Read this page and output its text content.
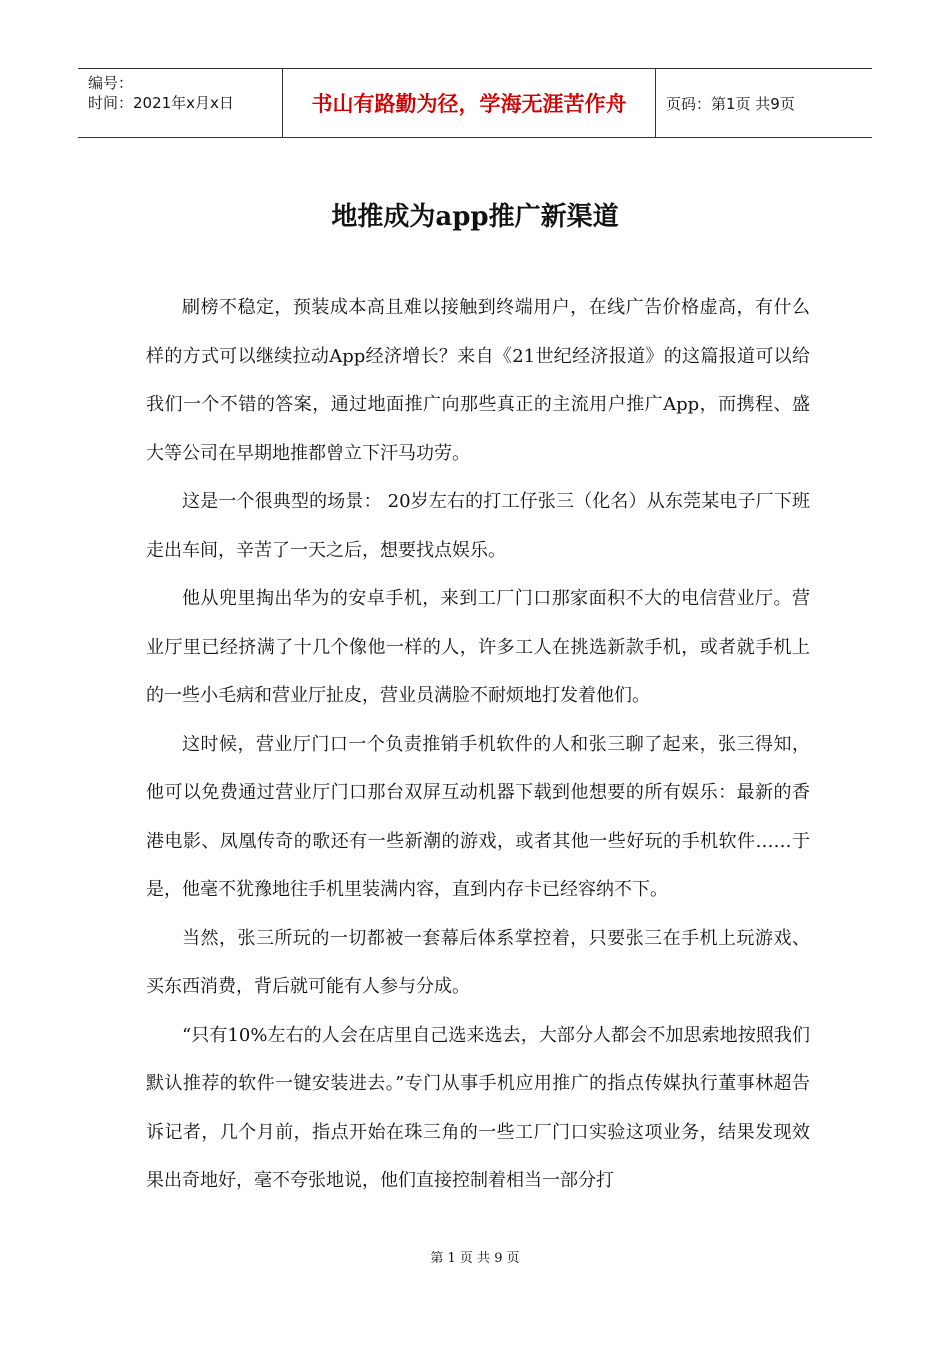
编号：
时间：2021年x月x日	书山有路勤为径，学海无涯苦作舟	页码：第1页 共9页
地推成为app推广新渠道

刷榜不稳定，预装成本高且难以接触到终端用户，在线广告价格虚高，有什么样的方式可以继续拉动App经济增长？来自《21世纪经济报道》的这篇报道可以给我们一个不错的答案，通过地面推广向那些真正的主流用户推广App，而携程、盛大等公司在早期地推都曾立下汗马功劳。

这是一个很典型的场景： 20岁左右的打工仔张三（化名）从东莞某电子厂下班走出车间，辛苦了一天之后，想要找点娱乐。

他从兜里掏出华为的安卓手机，来到工厂门口那家面积不大的电信营业厅。营业厅里已经挤满了十几个像他一样的人，许多工人在挑选新款手机，或者就手机上的一些小毛病和营业厅扯皮，营业员满脸不耐烦地打发着他们。

这时候，营业厅门口一个负责推销手机软件的人和张三聊了起来，张三得知，他可以免费通过营业厅门口那台双屏互动机器下载到他想要的所有娱乐：最新的香港电影、凤凰传奇的歌还有一些新潮的游戏，或者其他一些好玩的手机软件……于是，他毫不犹豫地往手机里装满内容，直到内存卡已经容纳不下。

当然，张三所玩的一切都被一套幕后体系掌控着，只要张三在手机上玩游戏、买东西消费，背后就可能有人参与分成。

“只有10%左右的人会在店里自己选来选去，大部分人都会不加思索地按照我们默认推荐的软件一键安装进去。”专门从事手机应用推广的指点传媒执行董事林超告诉记者，几个月前，指点开始在珠三角的一些工厂门口实验这项业务，结果发现效果出奇地好，毫不夸张地说，他们直接控制着相当一部分打

第 1 页 共 9 页
